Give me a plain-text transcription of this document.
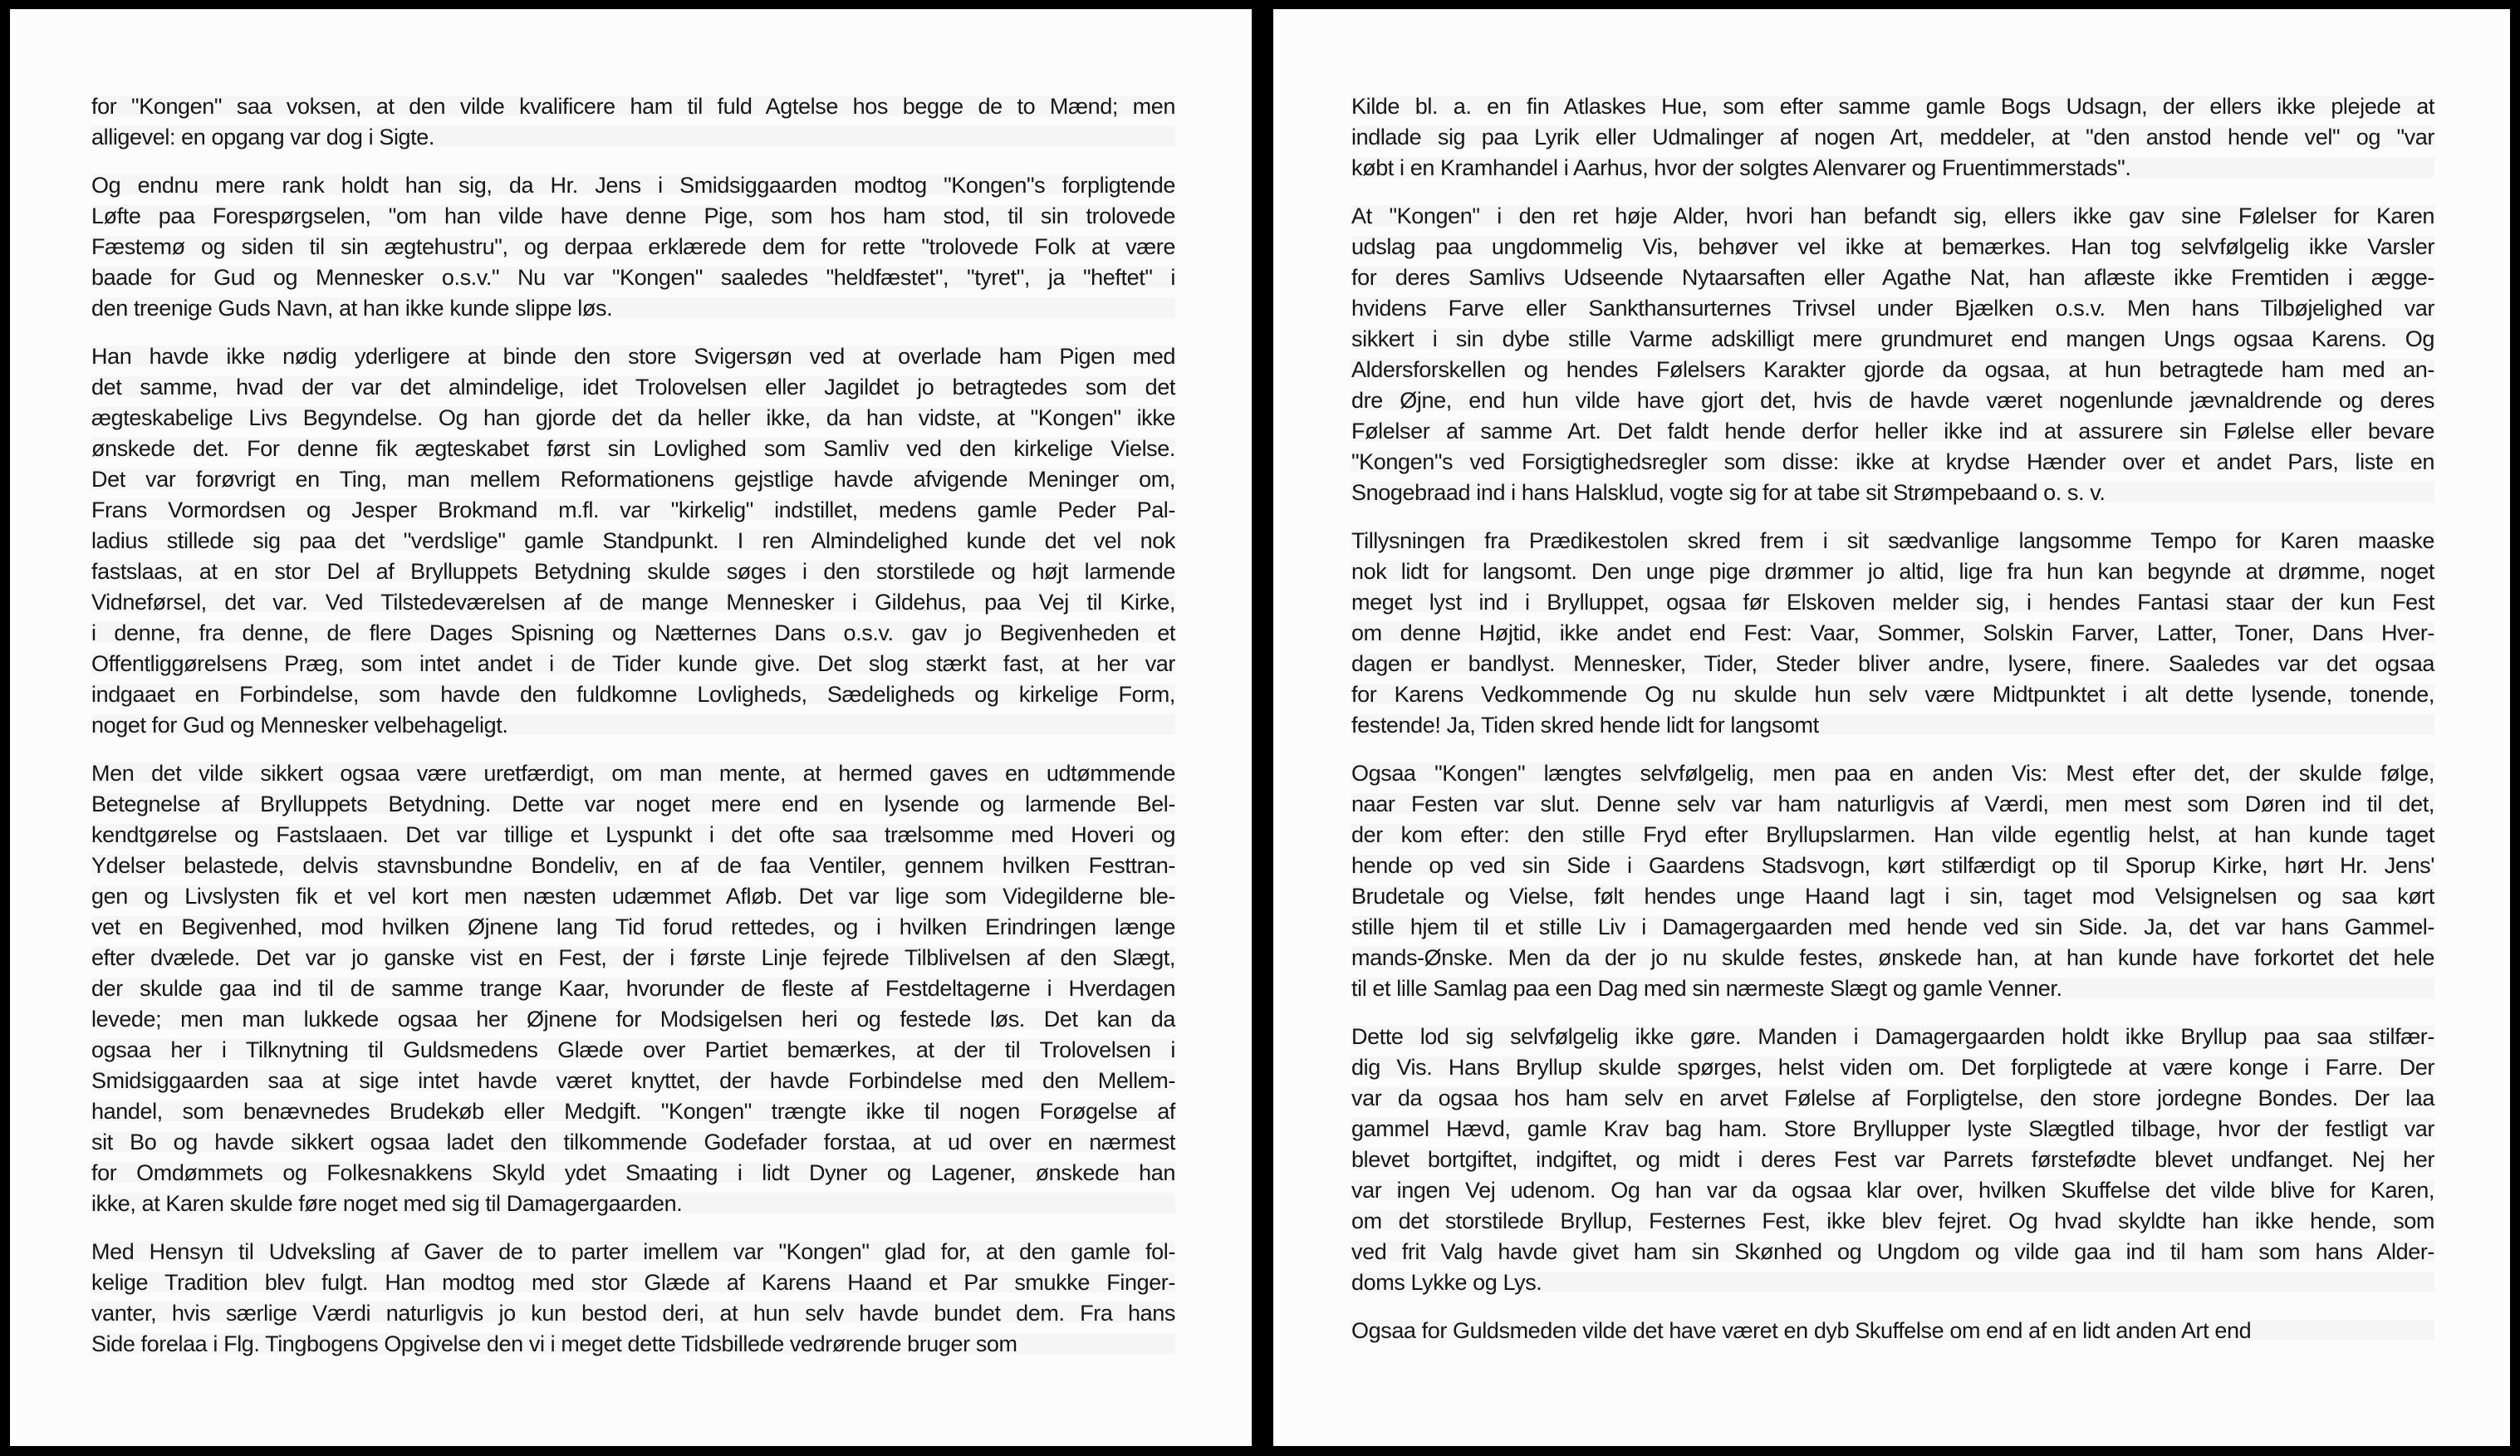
for "Kongen" saa voksen, at den vilde kvalificere ham til fuld Agtelse hos begge de to Mænd; men
alligevel: en opgang var dog i Sigte.
Og endnu mere rank holdt han sig, da Hr. Jens i Smidsiggaarden modtog "Kongen"s forpligtende
Løfte paa Forespørgselen, "om han vilde have denne Pige, som hos ham stod, til sin trolovede
Fæstemø og siden til sin ægtehustru", og derpaa erklærede dem for rette "trolovede Folk at være
baade for Gud og Mennesker o.s.v." Nu var "Kongen" saaledes "heldfæstet", "tyret", ja "heftet" i
den treenige Guds Navn, at han ikke kunde slippe løs.
Han havde ikke nødig yderligere at binde den store Svigersøn ved at overlade ham Pigen med
det samme, hvad der var det almindelige, idet Trolovelsen eller Jagildet jo betragtedes som det
ægteskabelige Livs Begyndelse. Og han gjorde det da heller ikke, da han vidste, at "Kongen" ikke
ønskede det. For denne fik ægteskabet først sin Lovlighed som Samliv ved den kirkelige Vielse.
Det var forøvrigt en Ting, man mellem Reformationens gejstlige havde afvigende Meninger om,
Frans Vormordsen og Jesper Brokmand m.fl. var "kirkelig" indstillet, medens gamle Peder Pal-
ladius stillede sig paa det "verdslige" gamle Standpunkt. I ren Almindelighed kunde det vel nok
fastslaas, at en stor Del af Brylluppets Betydning skulde søges i den storstilede og højt larmende
Vidneførsel, det var. Ved Tilstedeværelsen af de mange Mennesker i Gildehus, paa Vej til Kirke,
i denne, fra denne, de flere Dages Spisning og Nætternes Dans o.s.v. gav jo Begivenheden et
Offentliggørelsens Præg, som intet andet i de Tider kunde give. Det slog stærkt fast, at her var
indgaaet en Forbindelse, som havde den fuldkomne Lovligheds, Sædeligheds og kirkelige Form,
noget for Gud og Mennesker velbehageligt.
Men det vilde sikkert ogsaa være uretfærdigt, om man mente, at hermed gaves en udtømmende
Betegnelse af Brylluppets Betydning. Dette var noget mere end en lysende og larmende Bel-
kendtgørelse og Fastslaaen. Det var tillige et Lyspunkt i det ofte saa trælsomme med Hoveri og
Ydelser belastede, delvis stavnsbundne Bondeliv, en af de faa Ventiler, gennem hvilken Festtran-
gen og Livslysten fik et vel kort men næsten udæmmet Afløb. Det var lige som Videgilderne ble-
vet en Begivenhed, mod hvilken Øjnene lang Tid forud rettedes, og i hvilken Erindringen længe
efter dvælede. Det var jo ganske vist en Fest, der i første Linje fejrede Tilblivelsen af den Slægt,
der skulde gaa ind til de samme trange Kaar, hvorunder de fleste af Festdeltagerne i Hverdagen
levede; men man lukkede ogsaa her Øjnene for Modsigelsen heri og festede løs. Det kan da
ogsaa her i Tilknytning til Guldsmedens Glæde over Partiet bemærkes, at der til Trolovelsen i
Smidsiggaarden saa at sige intet havde været knyttet, der havde Forbindelse med den Mellem-
handel, som benævnedes Brudekøb eller Medgift. "Kongen" trængte ikke til nogen Forøgelse af
sit Bo og havde sikkert ogsaa ladet den tilkommende Godefader forstaa, at ud over en nærmest
for Omdømmets og Folkesnakkens Skyld ydet Smaating i lidt Dyner og Lagener, ønskede han
ikke, at Karen skulde føre noget med sig til Damagergaarden.
Med Hensyn til Udveksling af Gaver de to parter imellem var "Kongen" glad for, at den gamle fol-
kelige Tradition blev fulgt. Han modtog med stor Glæde af Karens Haand et Par smukke Finger-
vanter, hvis særlige Værdi naturligvis jo kun bestod deri, at hun selv havde bundet dem. Fra hans
Side forelaa i Flg. Tingbogens Opgivelse den vi i meget dette Tidsbillede vedrørende bruger som
Kilde bl. a. en fin Atlaskes Hue, som efter samme gamle Bogs Udsagn, der ellers ikke plejede at
indlade sig paa Lyrik eller Udmalinger af nogen Art, meddeler, at "den anstod hende vel" og "var
købt i en Kramhandel i Aarhus, hvor der solgtes Alenvarer og Fruentimmerstads".
At "Kongen" i den ret høje Alder, hvori han befandt sig, ellers ikke gav sine Følelser for Karen
udslag paa ungdommelig Vis, behøver vel ikke at bemærkes. Han tog selvfølgelig ikke Varsler
for deres Samlivs Udseende Nytaarsaften eller Agathe Nat, han aflæste ikke Fremtiden i ægge-
hvidens Farve eller Sankthansurternes Trivsel under Bjælken o.s.v. Men hans Tilbøjelighed var
sikkert i sin dybe stille Varme adskilligt mere grundmuret end mangen Ungs ogsaa Karens. Og
Aldersforskellen og hendes Følelsers Karakter gjorde da ogsaa, at hun betragtede ham med an-
dre Øjne, end hun vilde have gjort det, hvis de havde været nogenlunde jævnaldrende og deres
Følelser af samme Art. Det faldt hende derfor heller ikke ind at assurere sin Følelse eller bevare
"Kongen"s ved Forsigtighedsregler som disse: ikke at krydse Hænder over et andet Pars, liste en
Snogebraad ind i hans Halsklud, vogte sig for at tabe sit Strømpebaand o. s. v.
Tillysningen fra Prædikestolen skred frem i sit sædvanlige langsomme Tempo for Karen maaske
nok lidt for langsomt. Den unge pige drømmer jo altid, lige fra hun kan begynde at drømme, noget
meget lyst ind i Brylluppet, ogsaa før Elskoven melder sig, i hendes Fantasi staar der kun Fest
om denne Højtid, ikke andet end Fest: Vaar, Sommer, Solskin Farver, Latter, Toner, Dans Hver-
dagen er bandlyst. Mennesker, Tider, Steder bliver andre, lysere, finere. Saaledes var det ogsaa
for Karens Vedkommende Og nu skulde hun selv være Midtpunktet i alt dette lysende, tonende,
festende! Ja, Tiden skred hende lidt for langsomt
Ogsaa "Kongen" længtes selvfølgelig, men paa en anden Vis: Mest efter det, der skulde følge,
naar Festen var slut. Denne selv var ham naturligvis af Værdi, men mest som Døren ind til det,
der kom efter: den stille Fryd efter Bryllupslarmen. Han vilde egentlig helst, at han kunde taget
hende op ved sin Side i Gaardens Stadsvogn, kørt stilfærdigt op til Sporup Kirke, hørt Hr. Jens'
Brudetale og Vielse, følt hendes unge Haand lagt i sin, taget mod Velsignelsen og saa kørt
stille hjem til et stille Liv i Damagergaarden med hende ved sin Side. Ja, det var hans Gammel-
mands-Ønske. Men da der jo nu skulde festes, ønskede han, at han kunde have forkortet det hele
til et lille Samlag paa een Dag med sin nærmeste Slægt og gamle Venner.
Dette lod sig selvfølgelig ikke gøre. Manden i Damagergaarden holdt ikke Bryllup paa saa stilfær-
dig Vis. Hans Bryllup skulde spørges, helst viden om. Det forpligtede at være konge i Farre. Der
var da ogsaa hos ham selv en arvet Følelse af Forpligtelse, den store jordegne Bondes. Der laa
gammel Hævd, gamle Krav bag ham. Store Bryllupper lyste Slægtled tilbage, hvor der festligt var
blevet bortgiftet, indgiftet, og midt i deres Fest var Parrets førstefødte blevet undfanget. Nej her
var ingen Vej udenom. Og han var da ogsaa klar over, hvilken Skuffelse det vilde blive for Karen,
om det storstilede Bryllup, Festernes Fest, ikke blev fejret. Og hvad skyldte han ikke hende, som
ved frit Valg havde givet ham sin Skønhed og Ungdom og vilde gaa ind til ham som hans Alder-
doms Lykke og Lys.
Ogsaa for Guldsmeden vilde det have været en dyb Skuffelse om end af en lidt anden Art end
